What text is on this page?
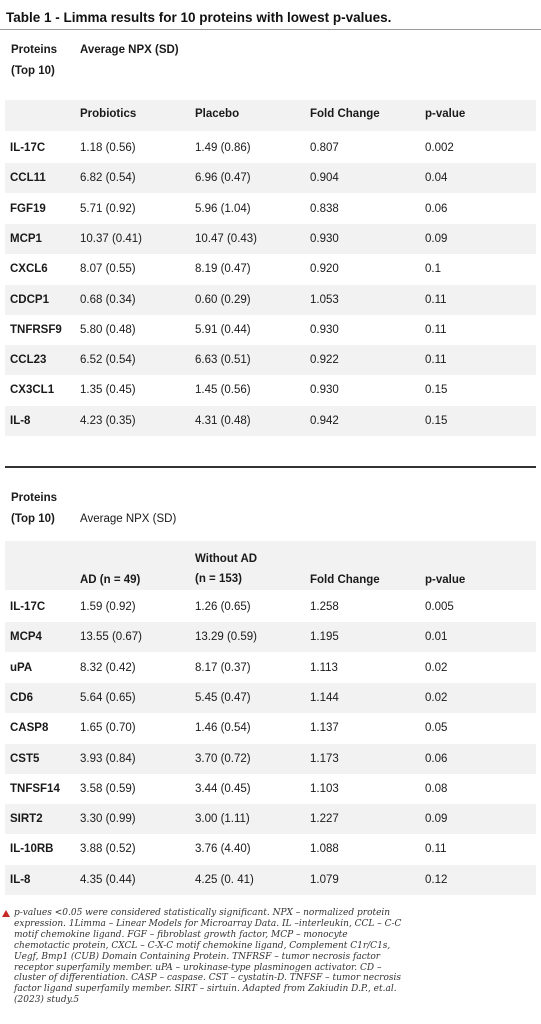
Table 1 - Limma results for 10 proteins with lowest p-values.
Proteins
(Top 10)
Average NPX (SD)
Probiotics	Placebo	Fold Change	p-value
IL-17C	1.18 (0.56)	1.49 (0.86)	0.807	0.002
CCL11	6.82 (0.54)	6.96 (0.47)	0.904	0.04
FGF19	5.71 (0.92)	5.96 (1.04)	0.838	0.06
MCP1	10.37 (0.41)	10.47 (0.43)	0.930	0.09
CXCL6	8.07 (0.55)	8.19 (0.47)	0.920	0.1
CDCP1	0.68 (0.34)	0.60 (0.29)	1.053	0.11
TNFRSF9 5.80 (0.48)	5.91 (0.44)	0.930	0.11
CCL23	6.52 (0.54)	6.63 (0.51)	0.922	0.11
CX3CL1 1.35 (0.45)	1.45 (0.56)	0.930	0.15
IL-8	4.23 (0.35)	4.31 (0.48)	0.942	0.15
Proteins
(Top 10) Average NPX (SD)
AD (n = 49)
Without AD
(n = 153)	Fold Change	p-value
IL-17C	1.59 (0.92)	1.26 (0.65)	1.258	0.005
MCP4	13.55 (0.67)	13.29 (0.59)	1.195	0.01
uPA	8.32 (0.42)	8.17 (0.37)	1.113	0.02
CD6	5.64 (0.65)	5.45 (0.47)	1.144	0.02
CASP8	1.65 (0.70)	1.46 (0.54)	1.137	0.05
CST5	3.93 (0.84)	3.70 (0.72)	1.173	0.06
TNFSF14 3.58 (0.59)	3.44 (0.45)	1.103	0.08
SIRT2	3.30 (0.99)	3.00 (1.11)	1.227	0.09
IL-10RB 3.88 (0.52)	3.76 (4.40)	1.088	0.11
IL-8	4.35 (0.44)	4.25 (0. 41)	1.079	0.12
p-values <0.05 were considered statistically significant. NPX – normalized protein expression. 1Limma – Linear Models for Microarray Data. IL –interleukin, CCL – C-C motif chemokine ligand. FGF – fibroblast growth factor, MCP – monocyte chemotactic protein, CXCL – C-X-C motif chemokine ligand, Complement C1r/C1s, Uegf, Bmp1 (CUB) Domain Containing Protein. TNFRSF – tumor necrosis factor receptor superfamily member. uPA – urokinase-type plasminogen activator. CD – cluster of differentiation. CASP – caspase. CST – cystatin-D. TNFSF – tumor necrosis factor ligand superfamily member. SIRT – sirtuin. Adapted from Zakiudin D.P., et.al. (2023) study.5
